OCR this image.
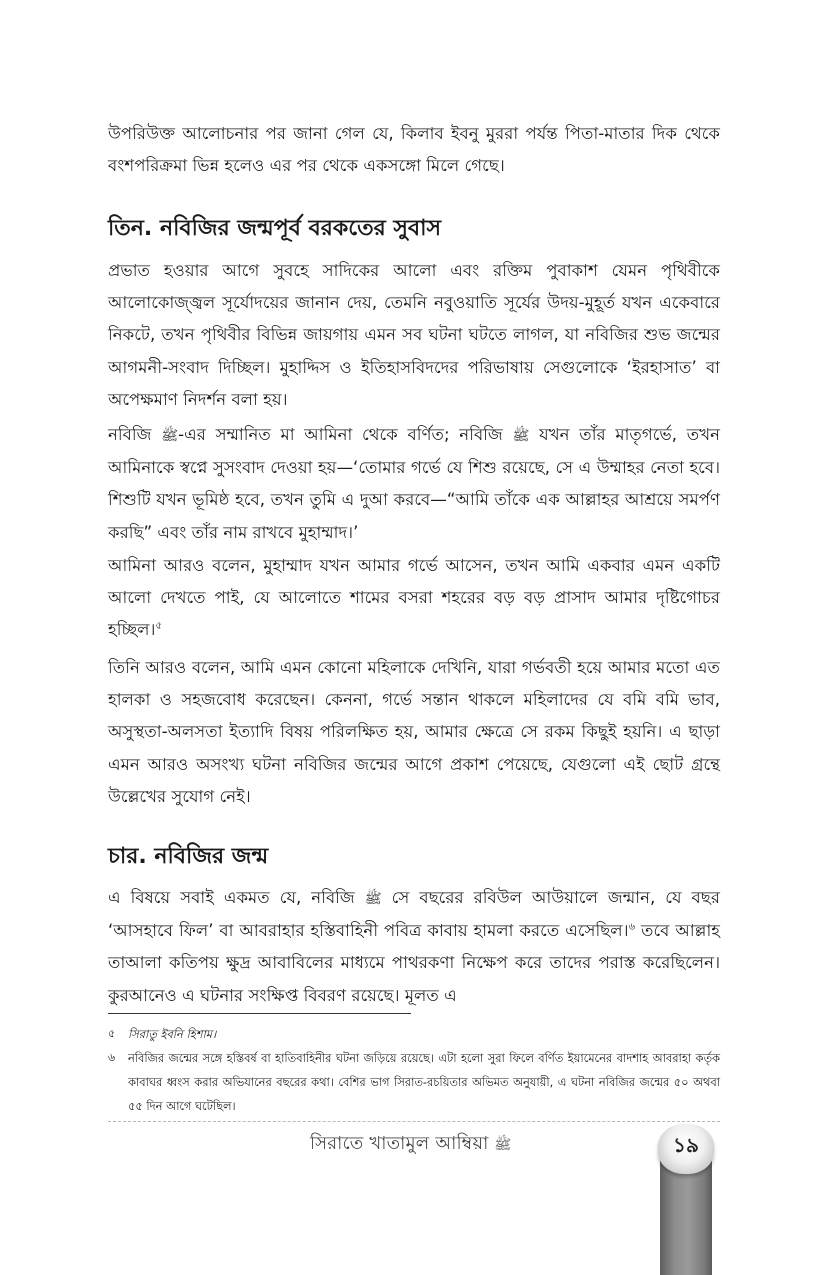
উপরিউক্ত আলোচনার পর জানা গেল যে, কিলাব ইবনু মুররা পর্যন্ত পিতা-মাতার দিক থেকে বংশপরিক্রমা ভিন্ন হলেও এর পর থেকে একসঙ্গো মিলে গেছে।

তিন. নবিজির জন্মপূর্ব বরকতের সুবাস

প্রভাত হওয়ার আগে সুবহে সাদিকের আলো এবং রক্তিম পুবাকাশ যেমন পৃথিবীকে আলোকোজ্জ্বল সূর্যোদয়ের জানান দেয়, তেমনি নবুওয়াতি সূর্যের উদয়-মুহূর্ত যখন একেবারে নিকটে, তখন পৃথিবীর বিভিন্ন জায়গায় এমন সব ঘটনা ঘটতে লাগল, যা নবিজির শুভ জন্মের আগমনী-সংবাদ দিচ্ছিল। মুহাদ্দিস ও ইতিহাসবিদদের পরিভাষায় সেগুলোকে ‘ইরহাসাত’ বা অপেক্ষমাণ নিদর্শন বলা হয়।

নবিজি ﷺ-এর সম্মানিত মা আমিনা থেকে বর্ণিত; নবিজি ﷺ যখন তাঁর মাতৃগর্ভে, তখন আমিনাকে স্বপ্নে সুসংবাদ দেওয়া হয়—‘তোমার গর্ভে যে শিশু রয়েছে, সে এ উম্মাহর নেতা হবে। শিশুটি যখন ভূমিষ্ঠ হবে, তখন তুমি এ দুআ করবে—“আমি তাঁকে এক আল্লাহর আশ্রয়ে সমর্পণ করছি” এবং তাঁর নাম রাখবে মুহাম্মাদ।’

আমিনা আরও বলেন, মুহাম্মাদ যখন আমার গর্ভে আসেন, তখন আমি একবার এমন একটি আলো দেখতে পাই, যে আলোতে শামের বসরা শহরের বড় বড় প্রাসাদ আমার দৃষ্টিগোচর হচ্ছিল।$^৫$

তিনি আরও বলেন, আমি এমন কোনো মহিলাকে দেখিনি, যারা গর্ভবতী হয়ে আমার মতো এত হালকা ও সহজবোধ করেছেন। কেননা, গর্ভে সন্তান থাকলে মহিলাদের যে বমি বমি ভাব, অসুস্থতা-অলসতা ইত্যাদি বিষয় পরিলক্ষিত হয়, আমার ক্ষেত্রে সে রকম কিছুই হয়নি। এ ছাড়া এমন আরও অসংখ্য ঘটনা নবিজির জন্মের আগে প্রকাশ পেয়েছে, যেগুলো এই ছোট গ্রন্থে উল্লেখের সুযোগ নেই।

চার. নবিজির জন্ম

এ বিষয়ে সবাই একমত যে, নবিজি ﷺ সে বছরের রবিউল আউয়ালে জন্মান, যে বছর ‘আসহাবে ফিল’ বা আবরাহার হস্তিবাহিনী পবিত্র কাবায় হামলা করতে এসেছিল।$^৬$ তবে আল্লাহ তাআলা কতিপয় ক্ষুদ্র আবাবিলের মাধ্যমে পাথরকণা নিক্ষেপ করে তাদের পরাস্ত করেছিলেন। কুরআনেও এ ঘটনার সংক্ষিপ্ত বিবরণ রয়েছে। মূলত এ

৫ সিরাতু ইবনি হিশাম।

৬ নবিজির জন্মের সঙ্গে হস্তিবর্ষ বা হাতিবাহিনীর ঘটনা জড়িয়ে রয়েছে। এটা হলো সুরা ফিলে বর্ণিত ইয়ামেনের বাদশাহ আবরাহা কর্তৃক কাবাঘর ধ্বংস করার অভিযানের বছরের কথা। বেশির ভাগ সিরাত-রচয়িতার অভিমত অনুযায়ী, এ ঘটনা নবিজির জন্মের ৫০ অথবা ৫৫ দিন আগে ঘটেছিল।

সিরাতে খাতামুল আম্বিয়া ﷺ	১৯
